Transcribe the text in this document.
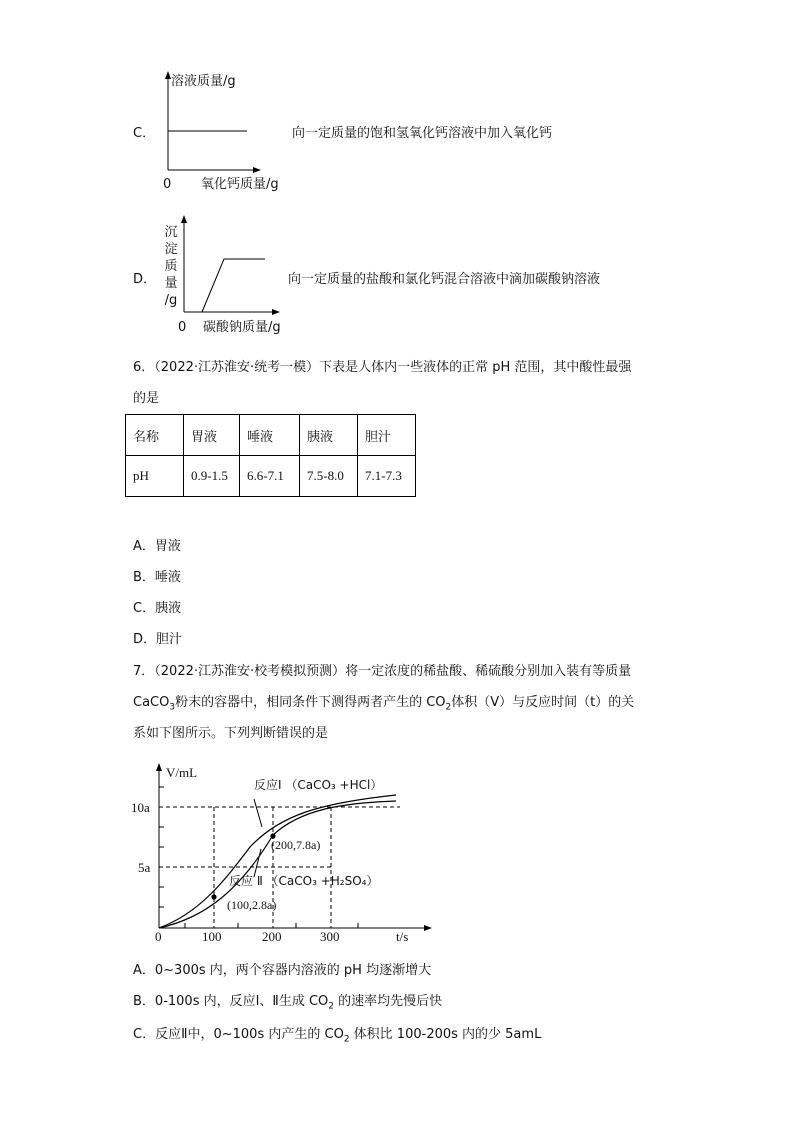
溶液质量/g
C．	向一定质量的饱和氢氧化钙溶液中加入氧化钙
0 氧化钙质量/g
沉
淀
质
量
/g
D．	向一定质量的盐酸和氯化钙混合溶液中滴加碳酸钠溶液
0 碳酸钠质量/g
6．（2022·江苏淮安·统考一模）下表是人体内一些液体的正常 pH 范围，其中酸性最强
的是
名称	胃液	唾液	胰液	胆汁
pH	0.9-1.5	6.6-7.1	7.5-8.0	7.1-7.3
A．胃液
B．唾液
C．胰液
D．胆汁
7．（2022·江苏淮安·校考模拟预测）将一定浓度的稀盐酸、稀硫酸分别加入装有等质量
CaCO$_3$粉末的容器中，相同条件下测得两者产生的 $CO_2$体积（V）与反应时间（t）的关
系如下图所示。下列判断错误的是
V/mL
反应Ⅰ （CaCO₃ +HCl）
10a
(200,7.8a)
5a
反应 Ⅱ （CaCO₃ +H₂SO₄）
(100,2.8a)
0	100	200	300	t/s
A．0~300s 内，两个容器内溶液的 pH 均逐渐增大
B．0-100s 内，反应Ⅰ、Ⅱ生成 $CO_2$ 的速率均先慢后快
C．反应Ⅱ中，0~100s 内产生的 $CO_2$ 体积比 100-200s 内的少 5amL
